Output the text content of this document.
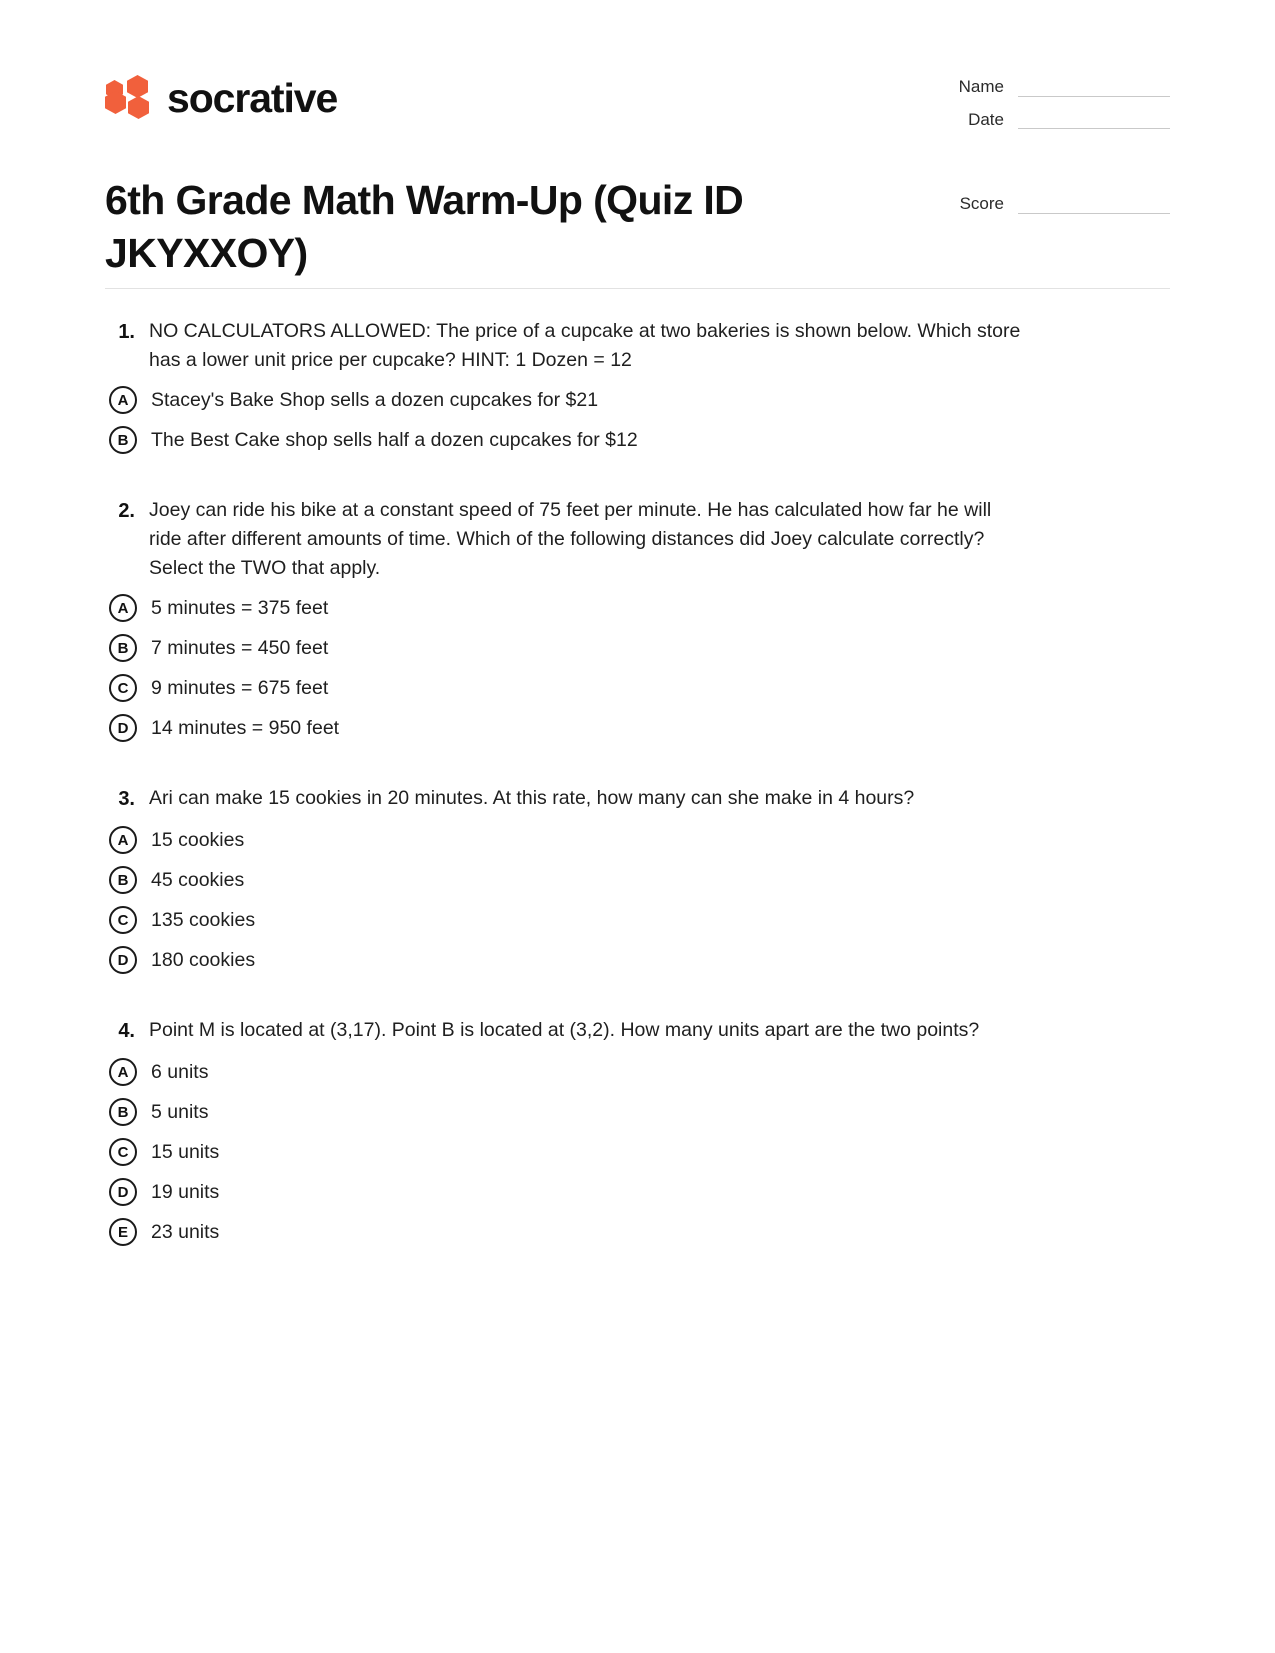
socrative
6th Grade Math Warm-Up (Quiz ID JKYXXOY)
Name
Date
Score
1. NO CALCULATORS ALLOWED: The price of a cupcake at two bakeries is shown below. Which store has a lower unit price per cupcake? HINT: 1 Dozen = 12
A	Stacey's Bake Shop sells a dozen cupcakes for $21
B	The Best Cake shop sells half a dozen cupcakes for $12
2. Joey can ride his bike at a constant speed of 75 feet per minute. He has calculated how far he will ride after different amounts of time. Which of the following distances did Joey calculate correctly? Select the TWO that apply.
A	5 minutes = 375 feet
B	7 minutes = 450 feet
C	9 minutes = 675 feet
D	14 minutes = 950 feet
3. Ari can make 15 cookies in 20 minutes. At this rate, how many can she make in 4 hours?
A	15 cookies
B	45 cookies
C	135 cookies
D	180 cookies
4. Point M is located at (3,17). Point B is located at (3,2). How many units apart are the two points?
A	6 units
B	5 units
C	15 units
D	19 units
E	23 units
